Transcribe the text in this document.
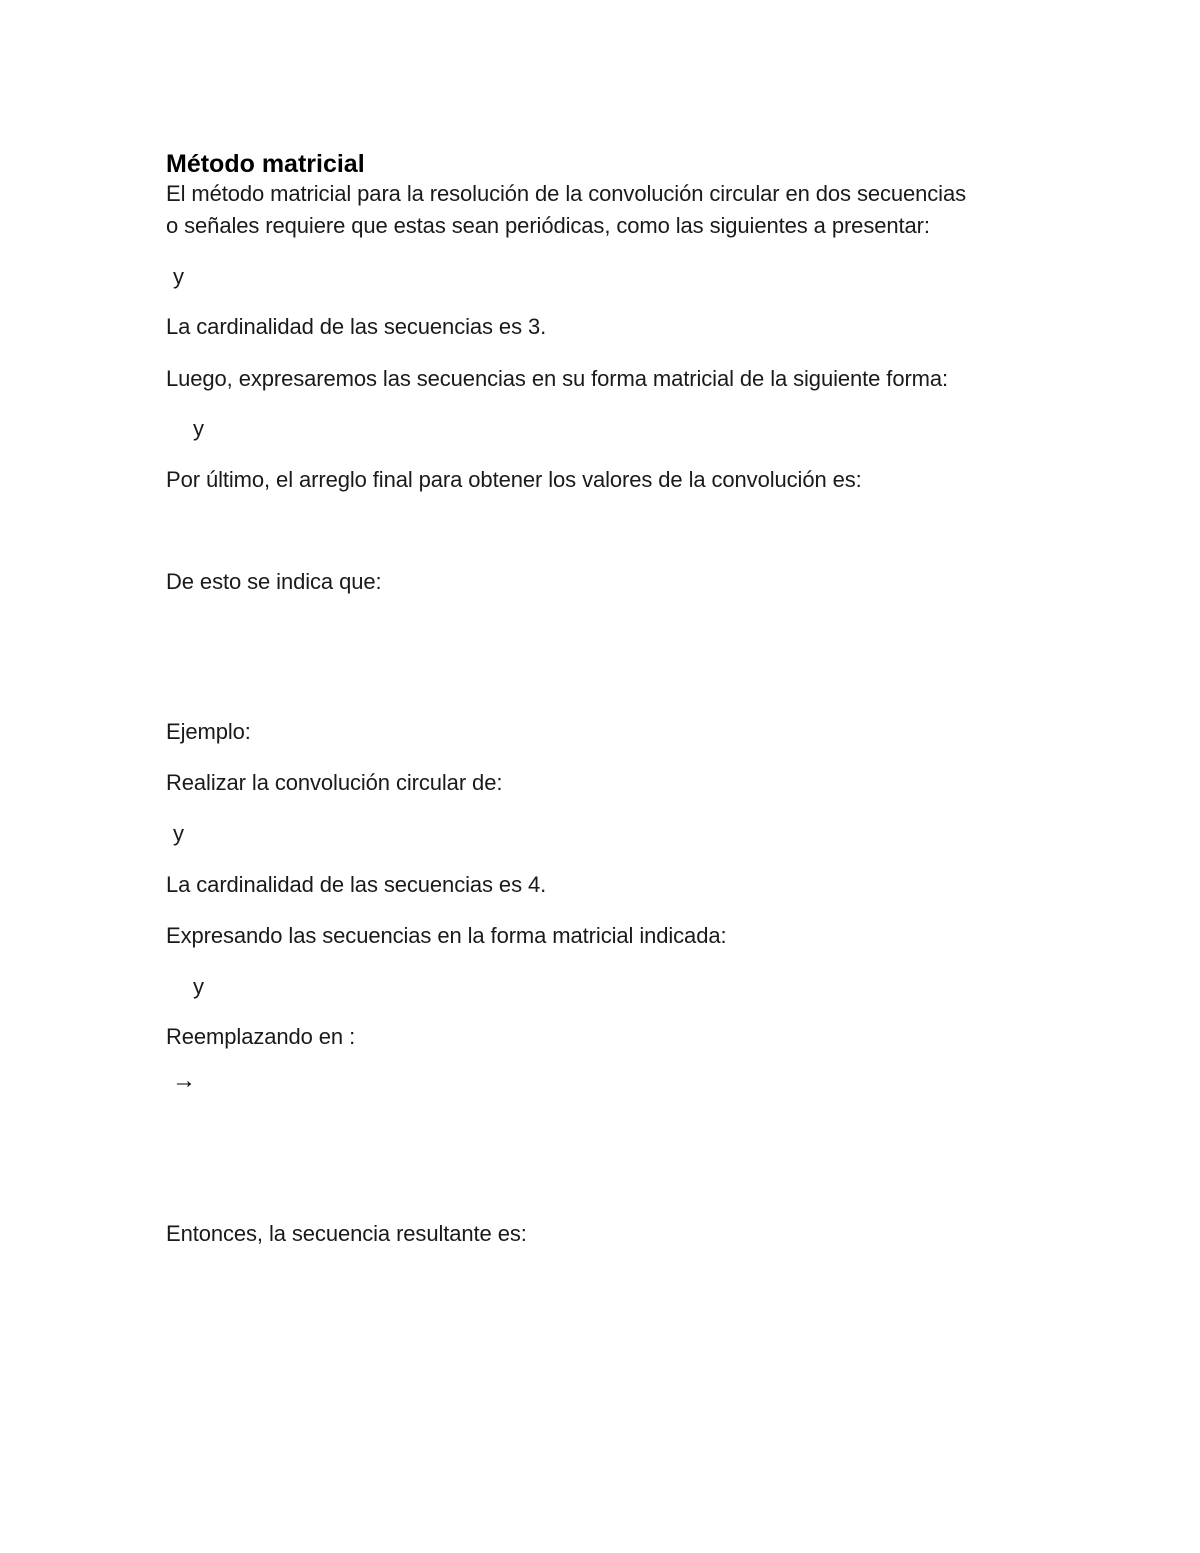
Método matricial
El método matricial para la resolución de la convolución circular en dos secuencias
o señales requiere que estas sean periódicas, como las siguientes a presentar:
y
La cardinalidad de las secuencias es 3.
Luego, expresaremos las secuencias en su forma matricial de la siguiente forma:
y
Por último, el arreglo final para obtener los valores de la convolución es:
De esto se indica que:
Ejemplo:
Realizar la convolución circular de:
y
La cardinalidad de las secuencias es 4.
Expresando las secuencias en la forma matricial indicada:
y
Reemplazando en :
→
Entonces, la secuencia resultante es:
